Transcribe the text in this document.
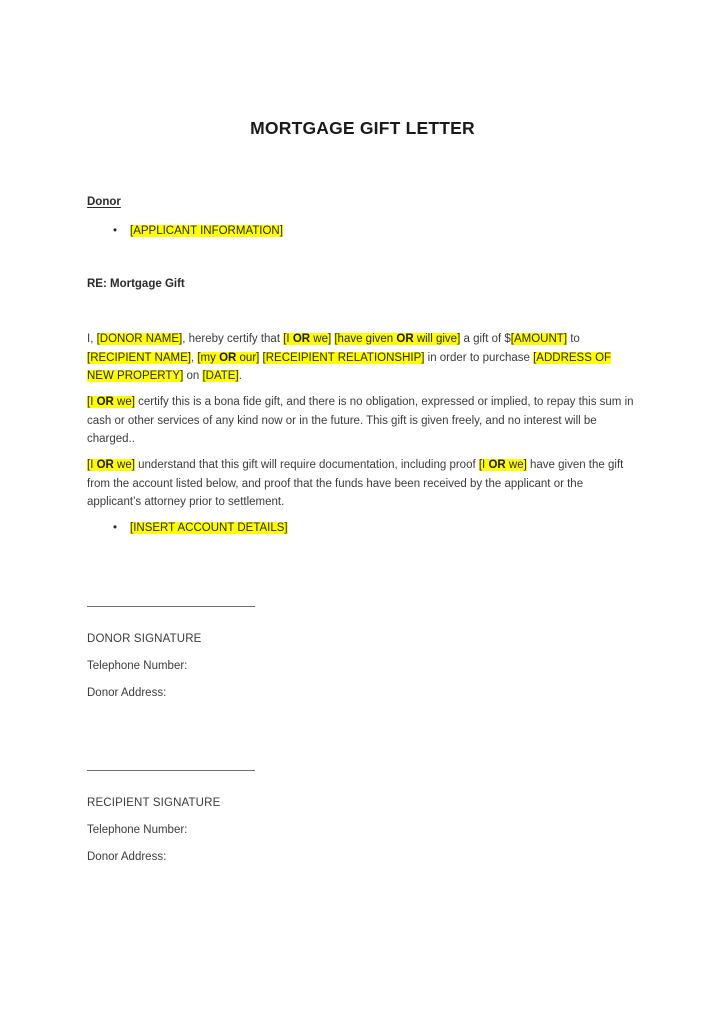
MORTGAGE GIFT LETTER
Donor
•	[APPLICANT INFORMATION]
RE: Mortgage Gift

I, [DONOR NAME], hereby certify that [I OR we] [have given OR will give] a gift of $[AMOUNT] to [RECIPIENT NAME], [my OR our] [RECEIPIENT RELATIONSHIP] in order to purchase [ADDRESS OF NEW PROPERTY] on [DATE].

[I OR we] certify this is a bona fide gift, and there is no obligation, expressed or implied, to repay this sum in cash or other services of any kind now or in the future. This gift is given freely, and no interest will be charged..

[I OR we] understand that this gift will require documentation, including proof [I OR we] have given the gift from the account listed below, and proof that the funds have been received by the applicant or the applicant’s attorney prior to settlement.

•	[INSERT ACCOUNT DETAILS]

DONOR SIGNATURE

Telephone Number:

Donor Address:

RECIPIENT SIGNATURE

Telephone Number:

Donor Address:
